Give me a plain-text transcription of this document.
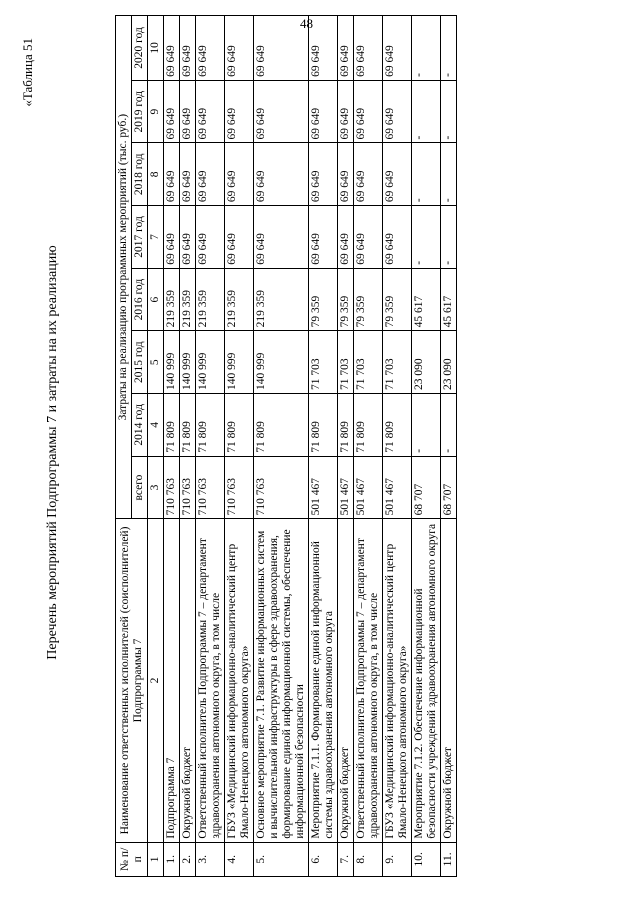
48
«Таблица 51
Перечень мероприятий Подпрограммы 7 и затраты на их реализацию
№ п/п	Наименование ответственных исполнителей (соисполнителей) Подпрограммы 7	Затраты на реализацию программных мероприятий (тыс. руб.)							
		всего	2014 год	2015 год	2016 год	2017 год	2018 год	2019 год	2020 год
1	2	3	4	5	6	7	8	9	10
1.	Подпрограмма 7	710 763	71 809	140 999	219 359	69 649	69 649	69 649	69 649
2.	Окружной бюджет	710 763	71 809	140 999	219 359	69 649	69 649	69 649	69 649
3.	Ответственный исполнитель Подпрограммы 7 – департамент здравоохранения автономного округа, в том числе	710 763	71 809	140 999	219 359	69 649	69 649	69 649	69 649
4.	ГБУЗ «Медицинский информационно-аналитический центр Ямало-Ненецкого автономного округа»	710 763	71 809	140 999	219 359	69 649	69 649	69 649	69 649
5.	Основное мероприятие 7.1. Развитие информационных систем и вычислительной инфраструктуры в сфере здравоохранения, формирование единой информационной системы, обеспечение информационной безопасности	710 763	71 809	140 999	219 359	69 649	69 649	69 649	69 649
6.	Мероприятие 7.1.1. Формирование единой информационной системы здравоохранения автономного округа	501 467	71 809	71 703	79 359	69 649	69 649	69 649	69 649
7.	Окружной бюджет	501 467	71 809	71 703	79 359	69 649	69 649	69 649	69 649
8.	Ответственный исполнитель Подпрограммы 7 – департамент здравоохранения автономного округа, в том числе	501 467	71 809	71 703	79 359	69 649	69 649	69 649	69 649
9.	ГБУЗ «Медицинский информационно-аналитический центр Ямало-Ненецкого автономного округа»	501 467	71 809	71 703	79 359	69 649	69 649	69 649	69 649
10.	Мероприятие 7.1.2. Обеспечение информационной безопасности учреждений здравоохранения автономного округа	68 707	-	23 090	45 617	-	-	-	-
11.	Окружной бюджет	68 707	-	23 090	45 617	-	-	-	-
